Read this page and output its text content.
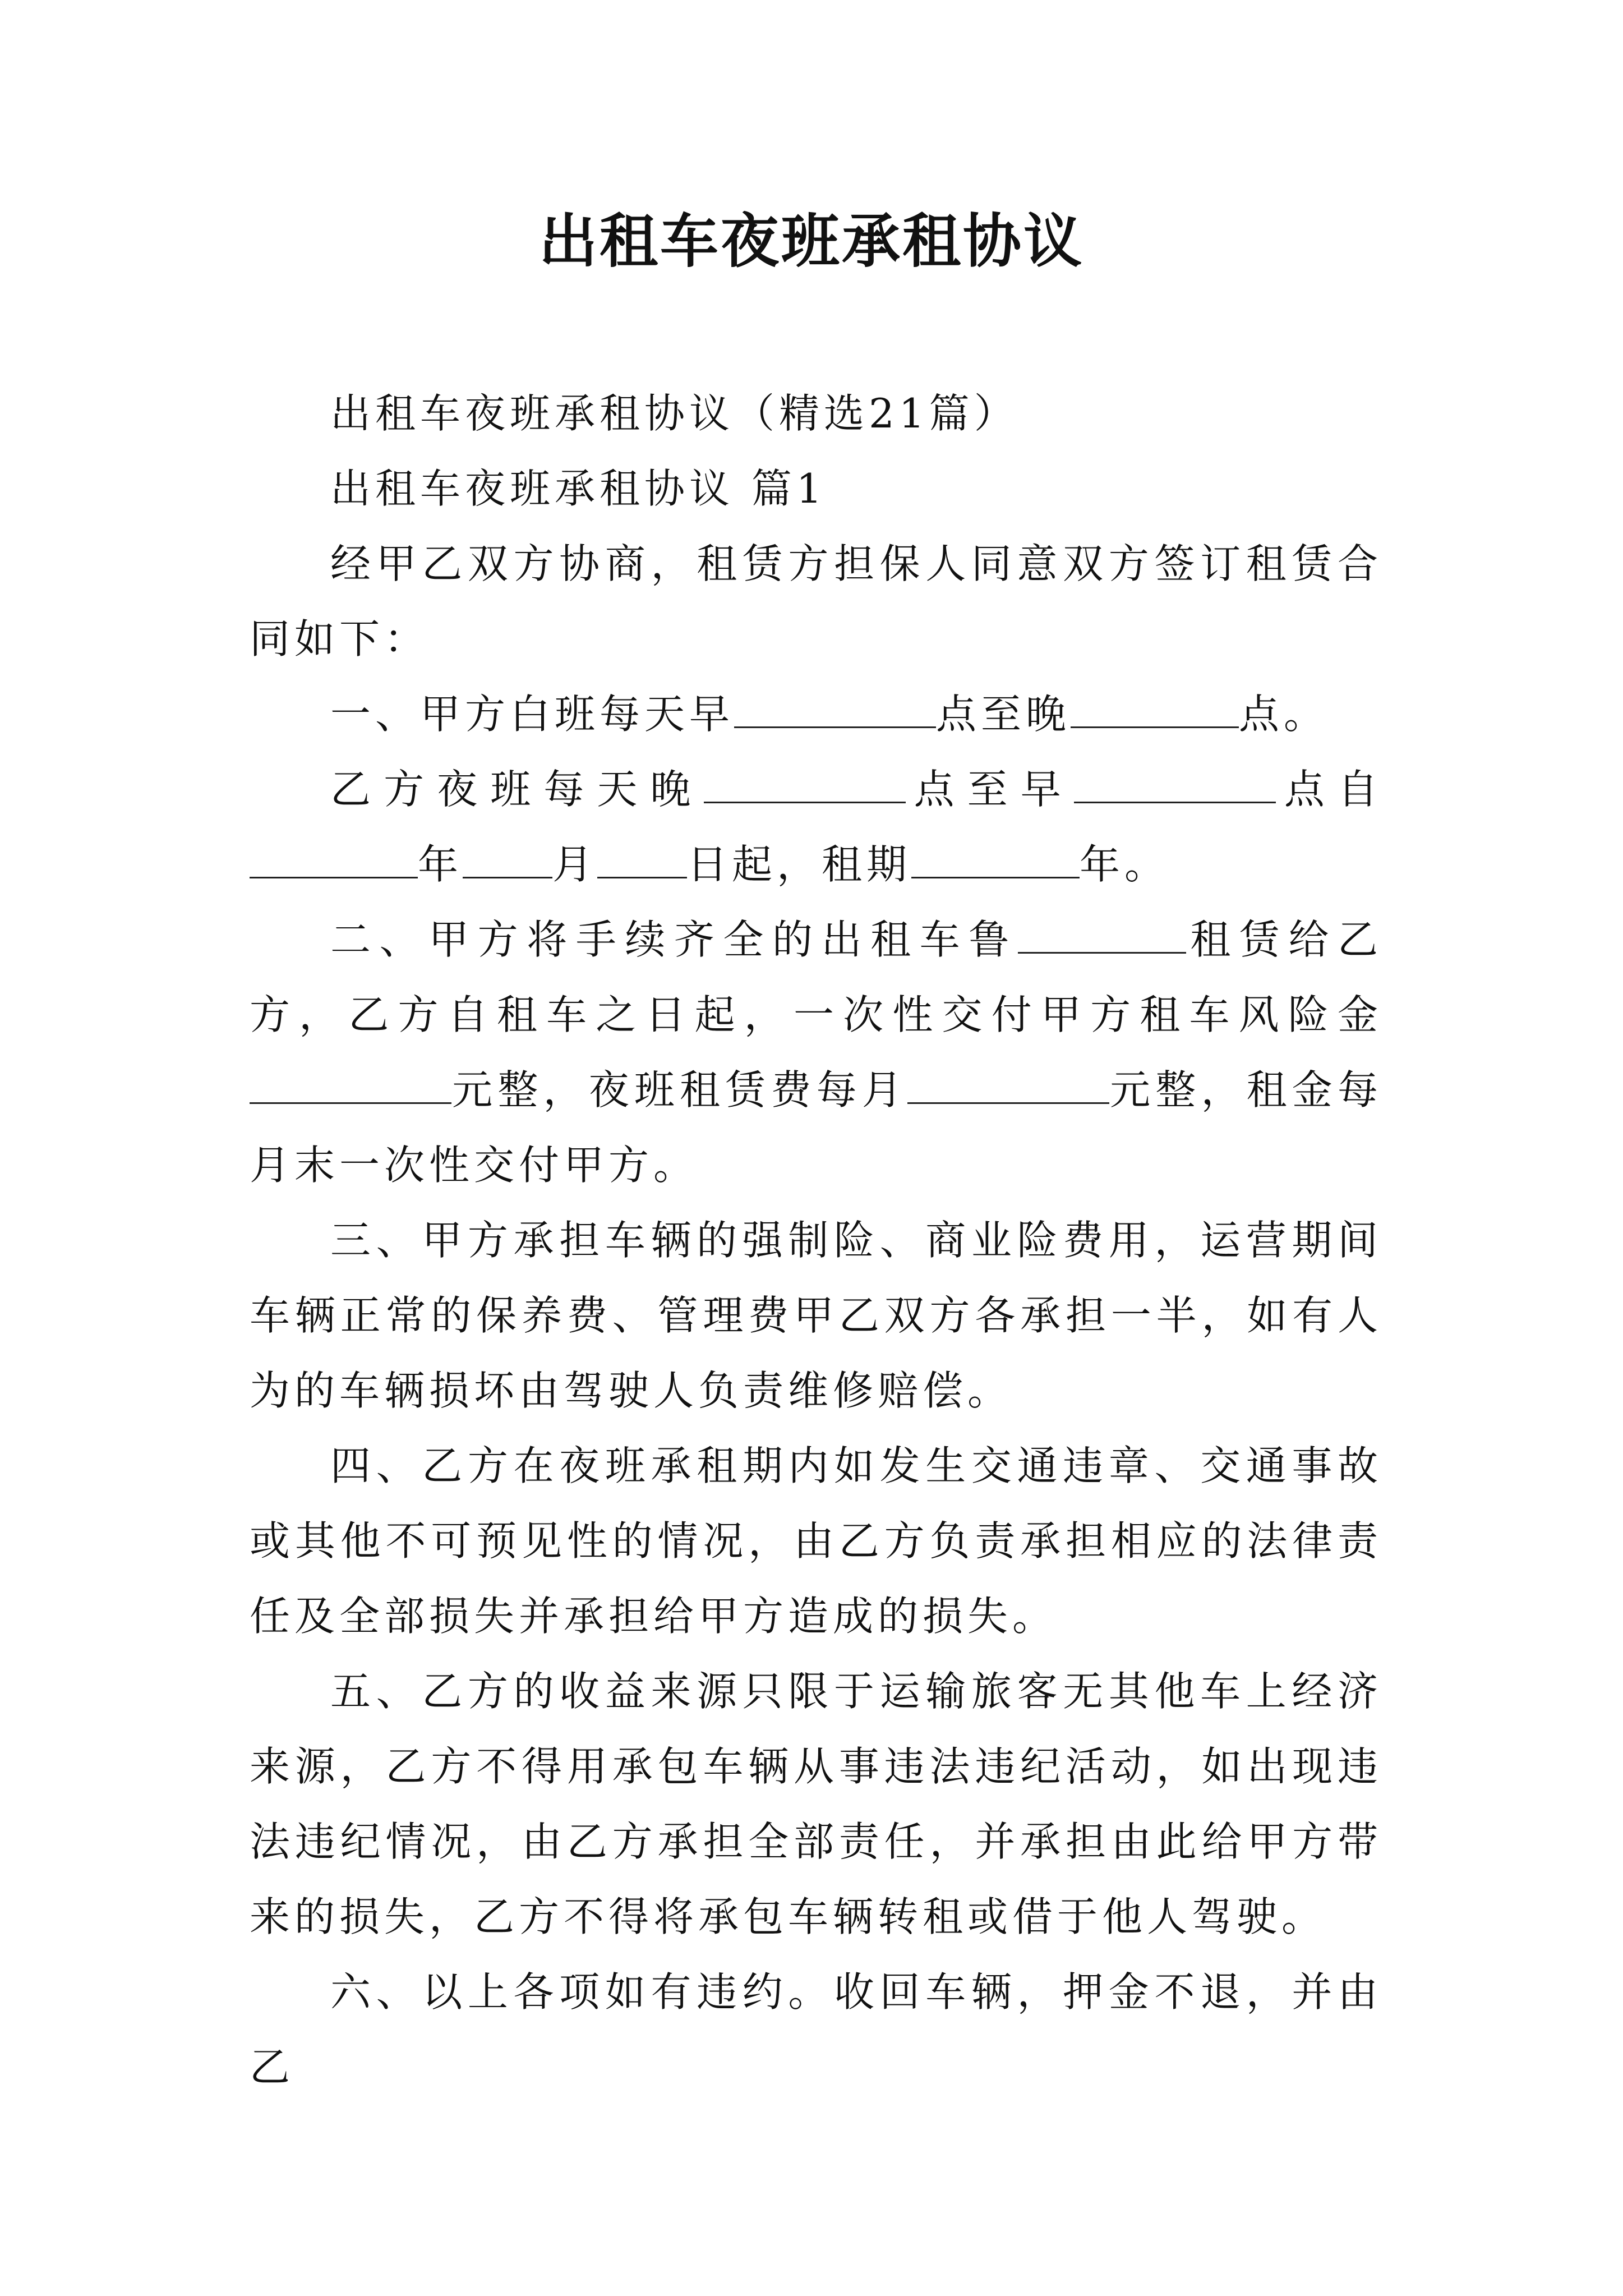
出租车夜班承租协议

出租车夜班承租协议（精选21篇）

出租车夜班承租协议 篇1

经甲乙双方协商，租赁方担保人同意双方签订租赁合同如下：

一、甲方白班每天早	点至晚	点。

乙方夜班每天晚	点至早	点自年 月 日起，租期	年。

二、甲方将手续齐全的出租车鲁	租赁给乙方，乙方自租车之日起，一次性交付甲方租车风险金元整，夜班租赁费每月	元整，租金每月末一次性交付甲方。

三、甲方承担车辆的强制险、商业险费用，运营期间车辆正常的保养费、管理费甲乙双方各承担一半，如有人为的车辆损坏由驾驶人负责维修赔偿。

四、乙方在夜班承租期内如发生交通违章、交通事故或其他不可预见性的情况，由乙方负责承担相应的法律责任及全部损失并承担给甲方造成的损失。

五、乙方的收益来源只限于运输旅客无其他车上经济来源，乙方不得用承包车辆从事违法违纪活动，如出现违法违纪情况，由乙方承担全部责任，并承担由此给甲方带来的损失，乙方不得将承包车辆转租或借于他人驾驶。

六、以上各项如有违约。收回车辆，押金不退，并由乙
